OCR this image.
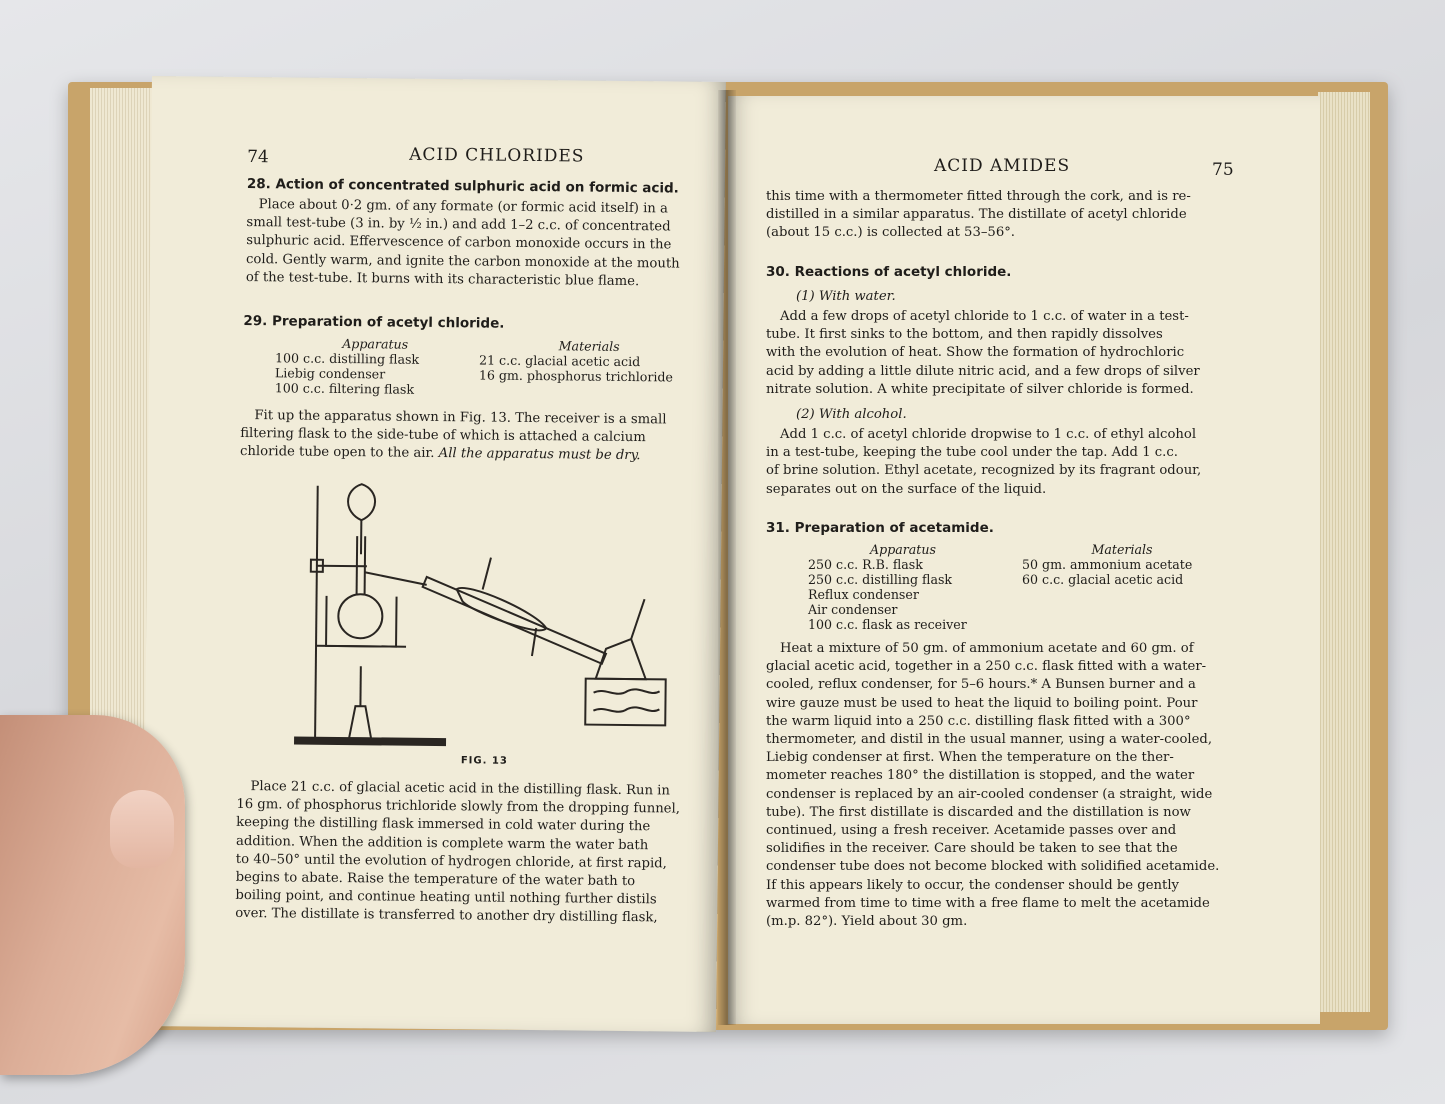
74	ACID CHLORIDES
28. Action of concentrated sulphuric acid on formic acid.
Place about 0·2 gm. of any formate (or formic acid itself) in a
small test-tube (3 in. by ½ in.) and add 1–2 c.c. of concentrated
sulphuric acid. Effervescence of carbon monoxide occurs in the
cold. Gently warm, and ignite the carbon monoxide at the mouth
of the test-tube. It burns with its characteristic blue flame.
29. Preparation of acetyl chloride.
Apparatus
100 c.c. distilling flask
Liebig condenser
100 c.c. filtering flask
Materials
21 c.c. glacial acetic acid
16 gm. phosphorus trichloride
Fit up the apparatus shown in Fig. 13. The receiver is a small
filtering flask to the side-tube of which is attached a calcium
chloride tube open to the air. All the apparatus must be dry.
FIG. 13
Place 21 c.c. of glacial acetic acid in the distilling flask. Run in
16 gm. of phosphorus trichloride slowly from the dropping funnel,
keeping the distilling flask immersed in cold water during the
addition. When the addition is complete warm the water bath
to 40–50° until the evolution of hydrogen chloride, at first rapid,
begins to abate. Raise the temperature of the water bath to
boiling point, and continue heating until nothing further distils
over. The distillate is transferred to another dry distilling flask,
ACID AMIDES	75
this time with a thermometer fitted through the cork, and is re-
distilled in a similar apparatus. The distillate of acetyl chloride
(about 15 c.c.) is collected at 53–56°.
30. Reactions of acetyl chloride.
(1) With water.
Add a few drops of acetyl chloride to 1 c.c. of water in a test-
tube. It first sinks to the bottom, and then rapidly dissolves
with the evolution of heat. Show the formation of hydrochloric
acid by adding a little dilute nitric acid, and a few drops of silver
nitrate solution. A white precipitate of silver chloride is formed.
(2) With alcohol.
Add 1 c.c. of acetyl chloride dropwise to 1 c.c. of ethyl alcohol
in a test-tube, keeping the tube cool under the tap. Add 1 c.c.
of brine solution. Ethyl acetate, recognized by its fragrant odour,
separates out on the surface of the liquid.
31. Preparation of acetamide.
Apparatus
250 c.c. R.B. flask
250 c.c. distilling flask
Reflux condenser
Air condenser
100 c.c. flask as receiver
Materials
50 gm. ammonium acetate
60 c.c. glacial acetic acid
Heat a mixture of 50 gm. of ammonium acetate and 60 gm. of
glacial acetic acid, together in a 250 c.c. flask fitted with a water-
cooled, reflux condenser, for 5–6 hours.* A Bunsen burner and a
wire gauze must be used to heat the liquid to boiling point. Pour
the warm liquid into a 250 c.c. distilling flask fitted with a 300°
thermometer, and distil in the usual manner, using a water-cooled,
Liebig condenser at first. When the temperature on the ther-
mometer reaches 180° the distillation is stopped, and the water
condenser is replaced by an air-cooled condenser (a straight, wide
tube). The first distillate is discarded and the distillation is now
continued, using a fresh receiver. Acetamide passes over and
solidifies in the receiver. Care should be taken to see that the
condenser tube does not become blocked with solidified acetamide.
If this appears likely to occur, the condenser should be gently
warmed from time to time with a free flame to melt the acetamide
(m.p. 82°). Yield about 30 gm.
